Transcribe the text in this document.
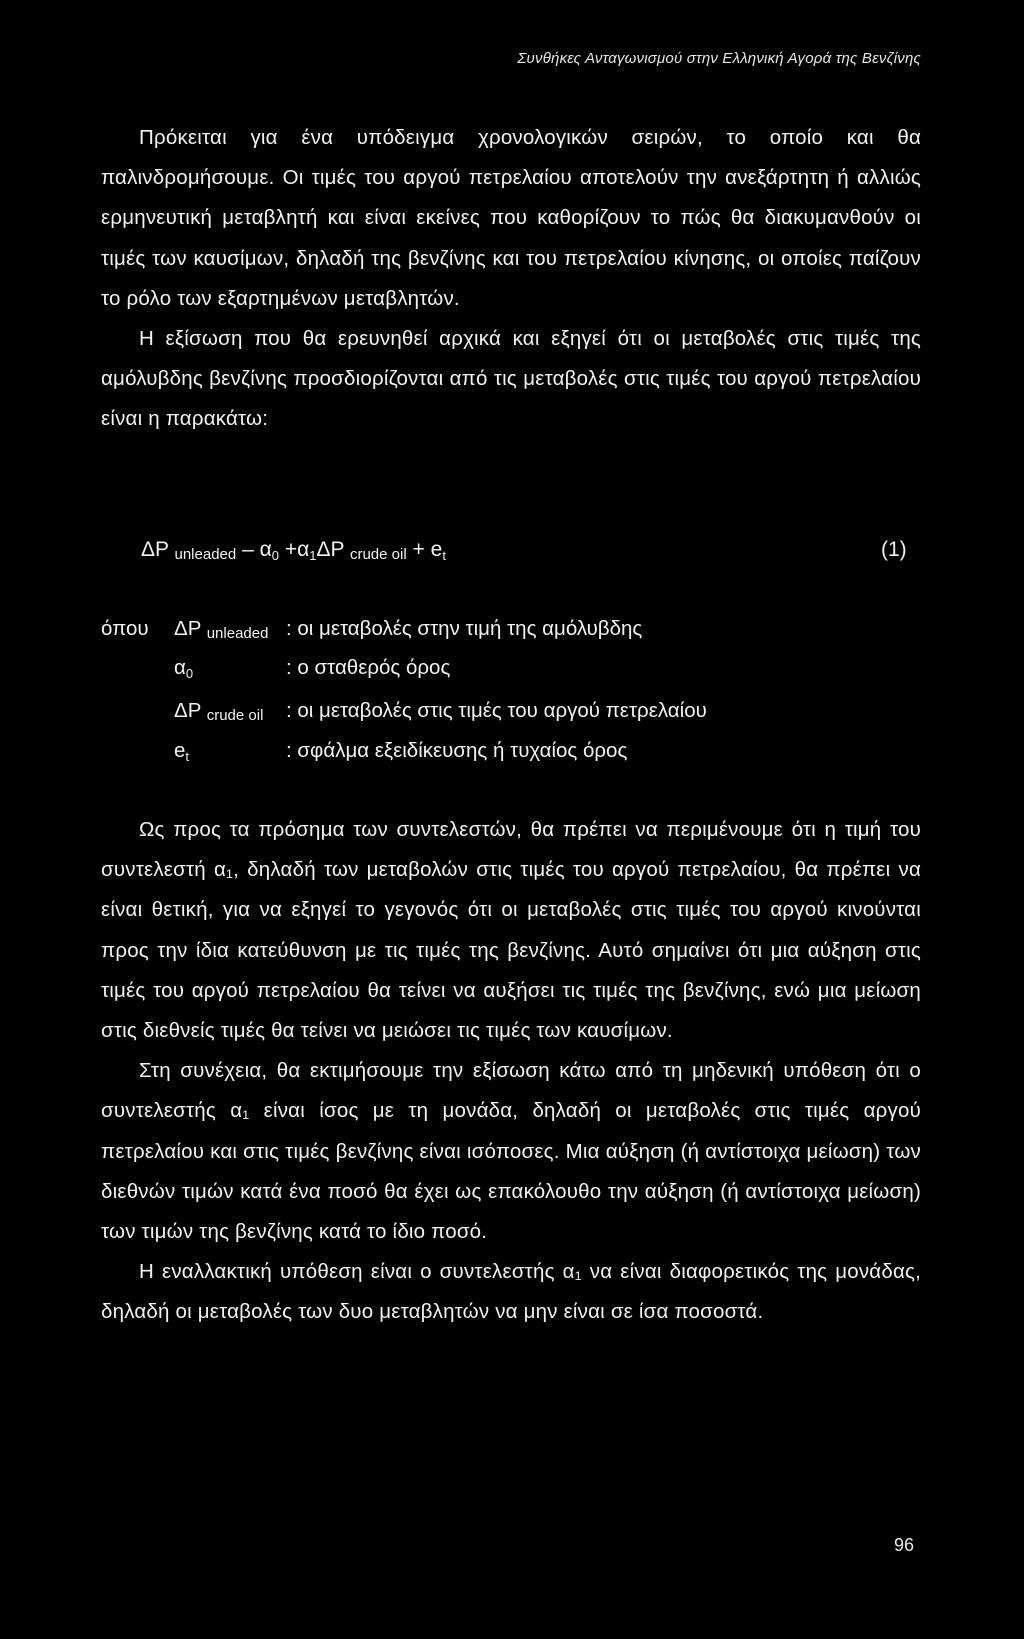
Συνθήκες Ανταγωνισμού στην Ελληνική Αγορά της Βενζίνης

Πρόκειται για ένα υπόδειγμα χρονολογικών σειρών, το οποίο και θα παλινδρομήσουμε. Οι τιμές του αργού πετρελαίου αποτελούν την ανεξάρτητη ή αλλιώς ερμηνευτική μεταβλητή και είναι εκείνες που καθορίζουν το πώς θα διακυμανθούν οι τιμές των καυσίμων, δηλαδή της βενζίνης και του πετρελαίου κίνησης, οι οποίες παίζουν το ρόλο των εξαρτημένων μεταβλητών.

Η εξίσωση που θα ερευνηθεί αρχικά και εξηγεί ότι οι μεταβολές στις τιμές της αμόλυβδης βενζίνης προσδιορίζονται από τις μεταβολές στις τιμές του αργού πετρελαίου είναι η παρακάτω:

ΔP unleaded – $\alpha_0 +\alpha_1\Delta P$ crude oil + $e_t$	(1)
όπου ΔP unleaded : οι μεταβολές στην τιμή της αμόλυβδης
$\alpha_0$	: ο σταθερός όρος
ΔP crude oil : οι μεταβολές στις τιμές του αργού πετρελαίου
$e_t$	: σφάλμα εξειδίκευσης ή τυχαίος όρος

Ως προς τα πρόσημα των συντελεστών, θα πρέπει να περιμένουμε ότι η τιμή του συντελεστή α₁, δηλαδή των μεταβολών στις τιμές του αργού πετρελαίου, θα πρέπει να είναι θετική, για να εξηγεί το γεγονός ότι οι μεταβολές στις τιμές του αργού κινούνται προς την ίδια κατεύθυνση με τις τιμές της βενζίνης. Αυτό σημαίνει ότι μια αύξηση στις τιμές του αργού πετρελαίου θα τείνει να αυξήσει τις τιμές της βενζίνης, ενώ μια μείωση στις διεθνείς τιμές θα τείνει να μειώσει τις τιμές των καυσίμων.

Στη συνέχεια, θα εκτιμήσουμε την εξίσωση κάτω από τη μηδενική υπόθεση ότι ο συντελεστής α₁ είναι ίσος με τη μονάδα, δηλαδή οι μεταβολές στις τιμές αργού πετρελαίου και στις τιμές βενζίνης είναι ισόποσες. Μια αύξηση (ή αντίστοιχα μείωση) των διεθνών τιμών κατά ένα ποσό θα έχει ως επακόλουθο την αύξηση (ή αντίστοιχα μείωση) των τιμών της βενζίνης κατά το ίδιο ποσό.

Η εναλλακτική υπόθεση είναι ο συντελεστής α₁ να είναι διαφορετικός της μονάδας, δηλαδή οι μεταβολές των δυο μεταβλητών να μην είναι σε ίσα ποσοστά.

96
